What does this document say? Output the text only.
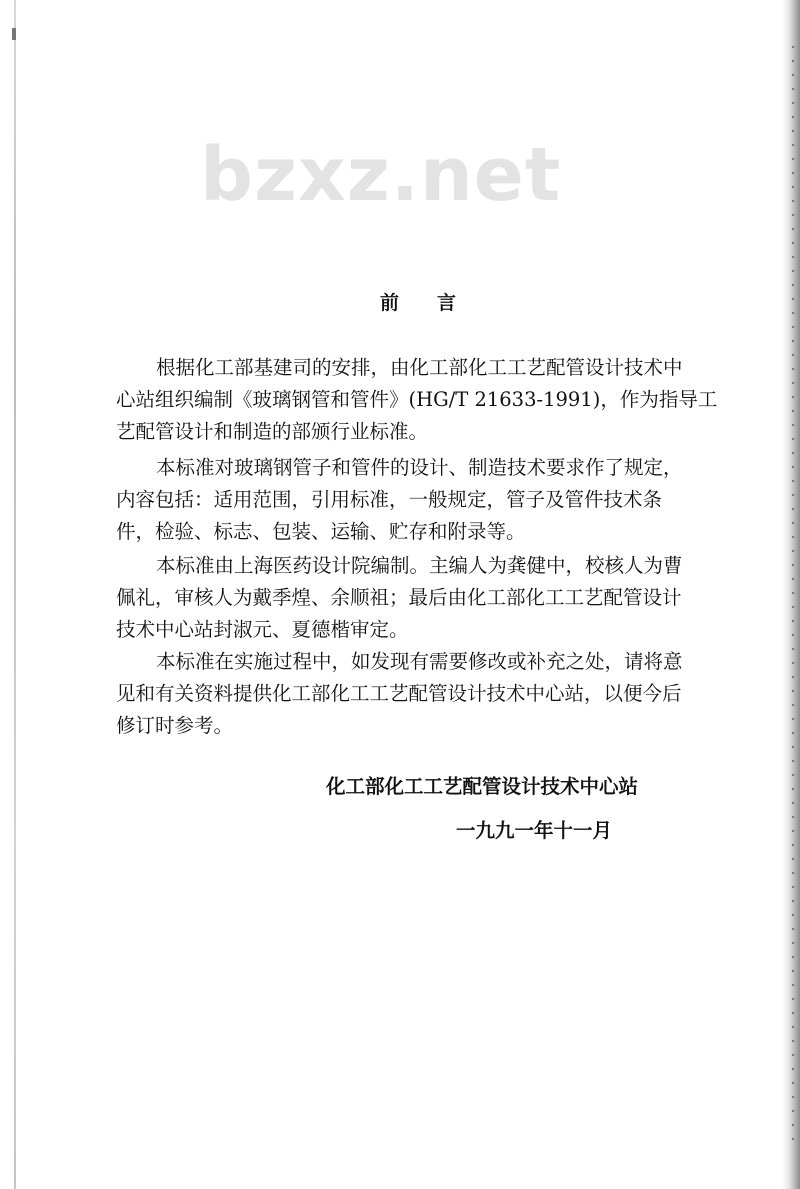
bzxz.net
前 言
根据化工部基建司的安排，由化工部化工工艺配管设计技术中
心站组织编制《玻璃钢管和管件》(HG/T 21633-1991)，作为指导工
艺配管设计和制造的部颁行业标准。
本标准对玻璃钢管子和管件的设计、制造技术要求作了规定，
内容包括：适用范围，引用标准，一般规定，管子及管件技术条
件，检验、标志、包装、运输、贮存和附录等。
本标准由上海医药设计院编制。主编人为龚健中，校核人为曹
佩礼，审核人为戴季煌、余顺祖；最后由化工部化工工艺配管设计
技术中心站封淑元、夏德楷审定。
本标准在实施过程中，如发现有需要修改或补充之处，请将意
见和有关资料提供化工部化工工艺配管设计技术中心站，以便今后
修订时参考。
化工部化工工艺配管设计技术中心站
一九九一年十一月
